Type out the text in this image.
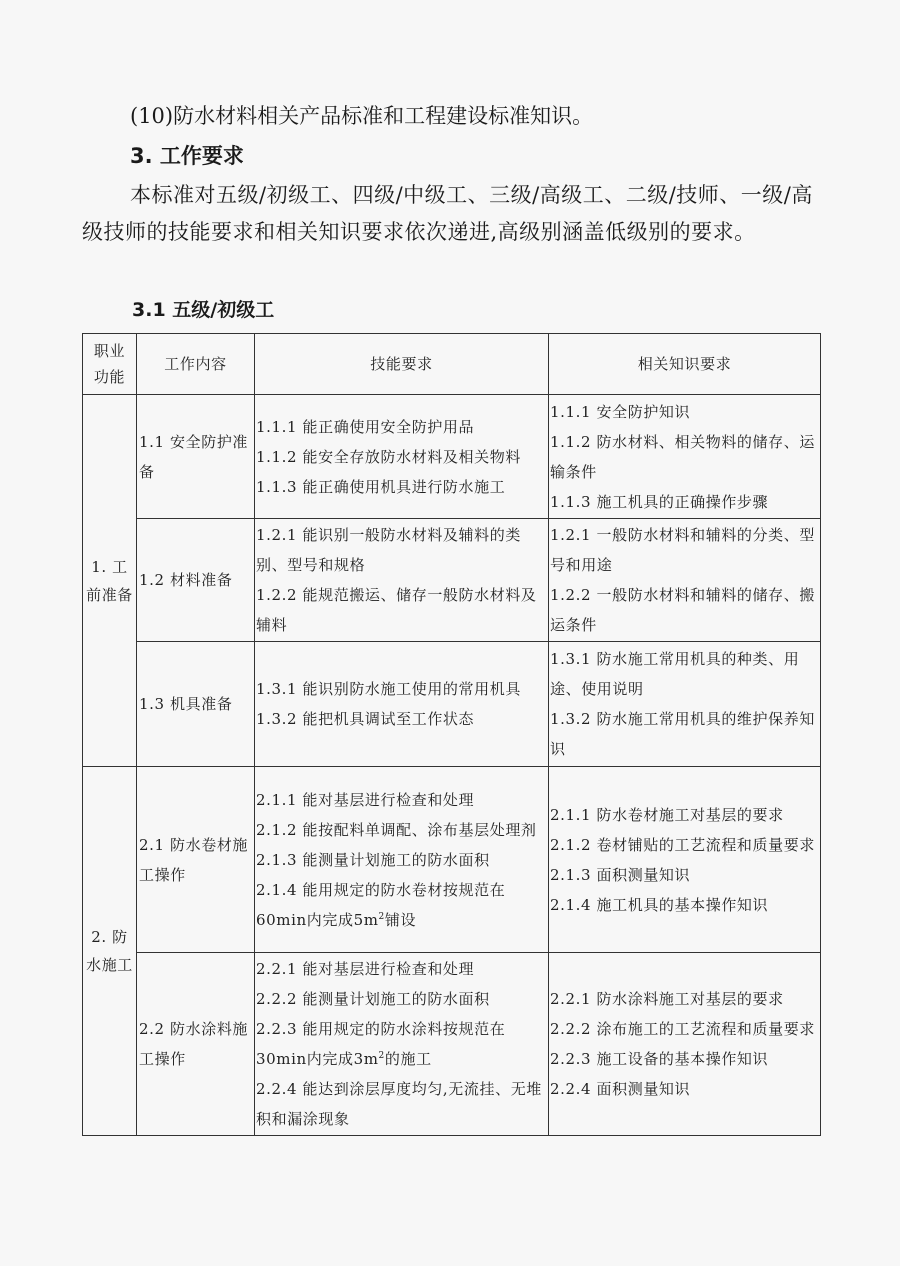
(10)防水材料相关产品标准和工程建设标准知识。

3. 工作要求

本标准对五级/初级工、四级/中级工、三级/高级工、二级/技师、一级/高级技师的技能要求和相关知识要求依次递进,高级别涵盖低级别的要求。

3.1 五级/初级工
职业功能	工作内容	技能要求	相关知识要求
1. 工前准备	1.1 安全防护准备	1.1.1 能正确使用安全防护用品
1.1.2 能安全存放防水材料及相关物料
1.1.3 能正确使用机具进行防水施工	1.1.1 安全防护知识
1.1.2 防水材料、相关物料的储存、运输条件
1.1.3 施工机具的正确操作步骤

	1.2 材料准备	1.2.1 能识别一般防水材料及辅料的类别、型号和规格
1.2.2 能规范搬运、储存一般防水材料及辅料	1.2.1 一般防水材料和辅料的分类、型号和用途
1.2.2 一般防水材料和辅料的储存、搬运条件

	1.3 机具准备	1.3.1 能识别防水施工使用的常用机具
1.3.2 能把机具调试至工作状态	1.3.1 防水施工常用机具的种类、用途、使用说明
1.3.2 防水施工常用机具的维护保养知识

2. 防水施工	2.1 防水卷材施工操作	2.1.1 能对基层进行检查和处理
2.1.2 能按配料单调配、涂布基层处理剂
2.1.3 能测量计划施工的防水面积
2.1.4 能用规定的防水卷材按规范在60min内完成$5m^2$铺设	2.1.1 防水卷材施工对基层的要求
2.1.2 卷材铺贴的工艺流程和质量要求
2.1.3 面积测量知识
2.1.4 施工机具的基本操作知识

	2.2 防水涂料施工操作	2.2.1 能对基层进行检查和处理
2.2.2 能测量计划施工的防水面积
2.2.3 能用规定的防水涂料按规范在30min内完成$3m^2$的施工
2.2.4 能达到涂层厚度均匀,无流挂、无堆积和漏涂现象	2.2.1 防水涂料施工对基层的要求
2.2.2 涂布施工的工艺流程和质量要求
2.2.3 施工设备的基本操作知识
2.2.4 面积测量知识
